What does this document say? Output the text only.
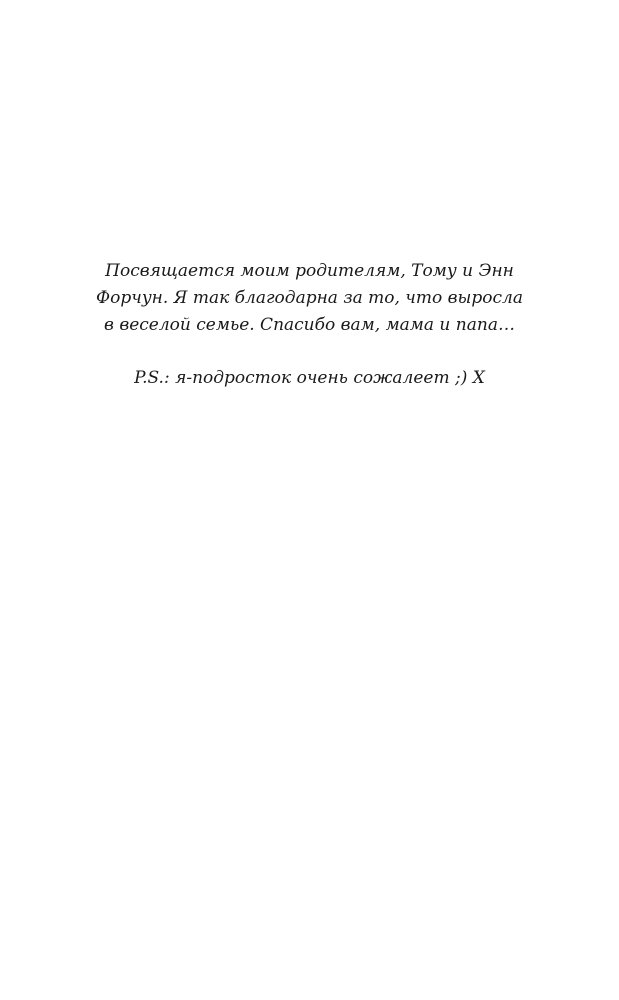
Посвящается моим родителям, Тому и Энн
Форчун. Я так благодарна за то, что выросла
в веселой семье. Спасибо вам, мама и папа…
P.S.: я-подросток очень сожалеет ;) X
